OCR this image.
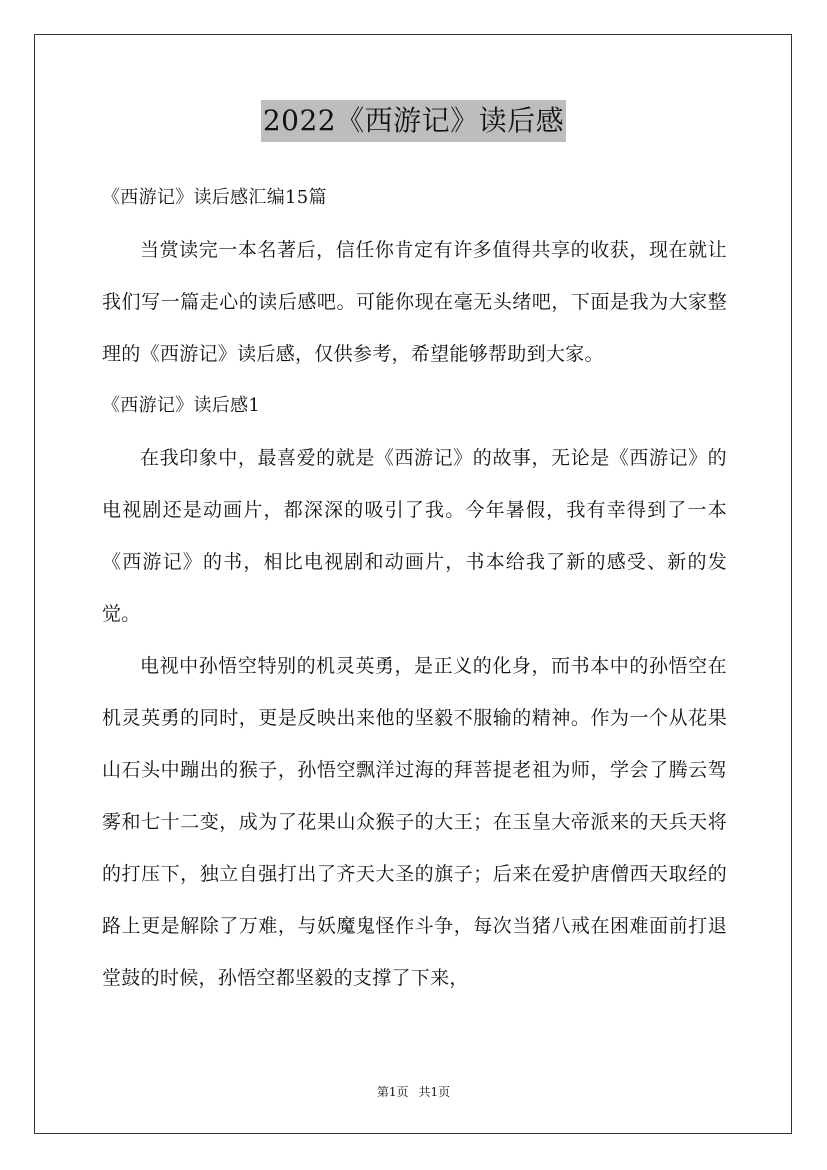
2022《西游记》读后感

《西游记》读后感汇编15篇

当赏读完一本名著后，信任你肯定有许多值得共享的收获，现在就让我们写一篇走心的读后感吧。可能你现在毫无头绪吧，下面是我为大家整理的《西游记》读后感，仅供参考，希望能够帮助到大家。

《西游记》读后感1

在我印象中，最喜爱的就是《西游记》的故事，无论是《西游记》的电视剧还是动画片，都深深的吸引了我。今年暑假，我有幸得到了一本《西游记》的书，相比电视剧和动画片，书本给我了新的感受、新的发觉。

电视中孙悟空特别的机灵英勇，是正义的化身，而书本中的孙悟空在机灵英勇的同时，更是反映出来他的坚毅不服输的精神。作为一个从花果山石头中蹦出的猴子，孙悟空飘洋过海的拜菩提老祖为师，学会了腾云驾雾和七十二变，成为了花果山众猴子的大王；在玉皇大帝派来的天兵天将的打压下，独立自强打出了齐天大圣的旗子；后来在爱护唐僧西天取经的路上更是解除了万难，与妖魔鬼怪作斗争，每次当猪八戒在困难面前打退堂鼓的时候，孙悟空都坚毅的支撑了下来，

第1页 共1页
